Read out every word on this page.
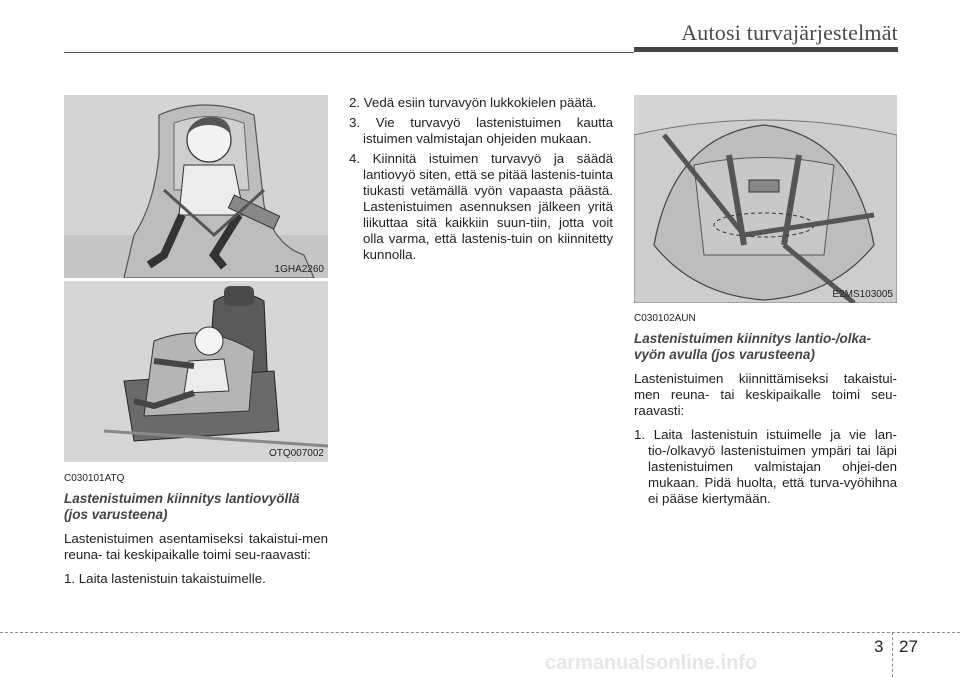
Autosi turvajärjestelmät
1GHA2260
OTQ007002
E2MS103005
C030101ATQ
Lastenistuimen kiinnitys lantiovyöllä
(jos varusteena)
Lastenistuimen asentamiseksi takaistui-men reuna- tai keskipaikalle toimi seu-raavasti:
1. Laita lastenistuin takaistuimelle.
2. Vedä esiin turvavyön lukkokielen päätä.
3. Vie turvavyö lastenistuimen kautta istuimen valmistajan ohjeiden mukaan.
4. Kiinnitä istuimen turvavyö ja säädä lantiovyö siten, että se pitää lastenis-tuinta tiukasti vetämällä vyön vapaasta päästä. Lastenistuimen asennuksen jälkeen yritä liikuttaa sitä kaikkiin suun-tiin, jotta voit olla varma, että lastenis-tuin on kiinnitetty kunnolla.
C030102AUN
Lastenistuimen kiinnitys lantio-/olka-
vyön avulla (jos varusteena)
Lastenistuimen kiinnittämiseksi takaistui-men reuna- tai keskipaikalle toimi seu-raavasti:
1. Laita lastenistuin istuimelle ja vie lan-tio-/olkavyö lastenistuimen ympäri tai läpi lastenistuimen valmistajan ohjei-den mukaan. Pidä huolta, että turva-vyöhihna ei pääse kiertymään.
3 27
carmanualsonline.info
